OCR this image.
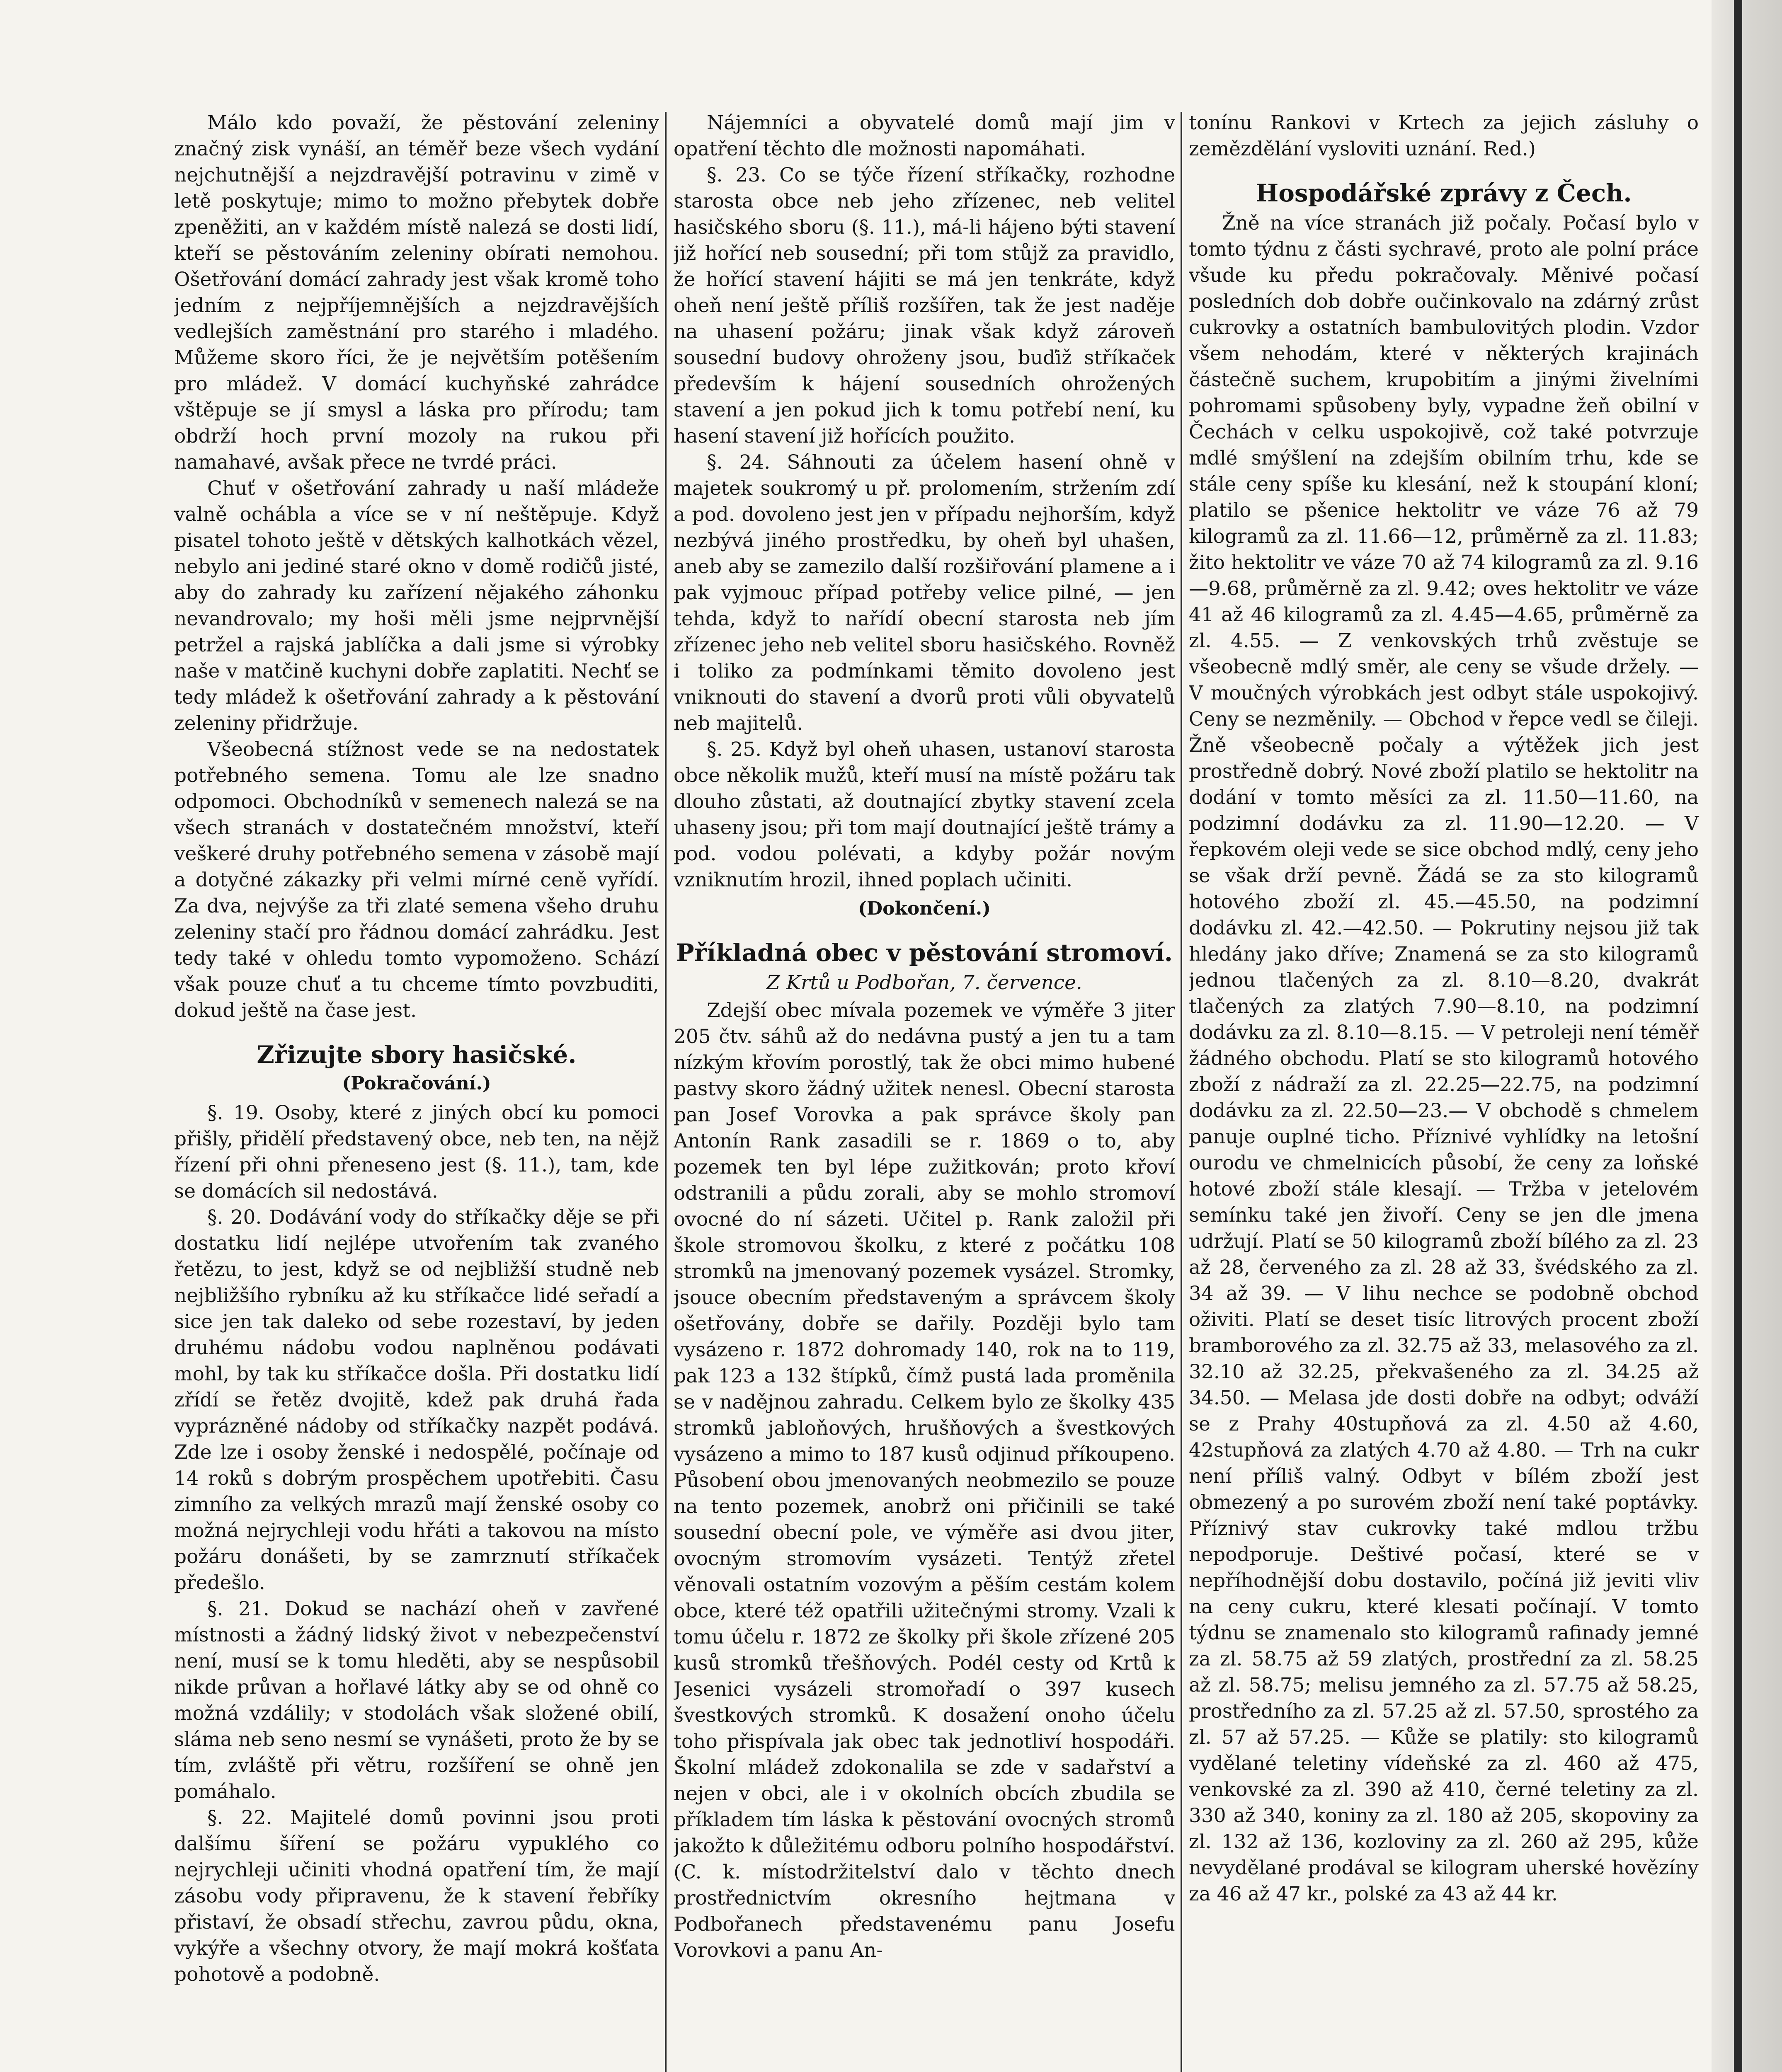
Málo kdo považí, že pěstování zeleniny značný zisk vynáší, an téměř beze všech vydání nejchutnější a nejzdravější potravinu v zimě v letě poskytuje; mimo to možno přebytek dobře zpeněžiti, an v každém místě nalezá se dosti lidí, kteří se pěstováním zeleniny obírati nemohou. Ošetřování domácí zahrady jest však kromě toho jedním z nejpříjemnějších a nejzdravějších vedlejších zaměstnání pro starého i mladého. Můžeme skoro říci, že je největším potěšením pro mládež. V domácí kuchyňské zahrádce vštěpuje se jí smysl a láska pro přírodu; tam obdrží hoch první mozoly na rukou při namahavé, avšak přece ne tvrdé práci.

Chuť v ošetřování zahrady u naší mládeže valně ochábla a více se v ní neštěpuje. Když pisatel tohoto ještě v dětských kalhotkách vězel, nebylo ani jediné staré okno v domě rodičů jisté, aby do zahrady ku zařízení nějakého záhonku nevandrovalo; my hoši měli jsme nejprvnější petržel a rajská jablíčka a dali jsme si výrobky naše v matčině kuchyni dobře zaplatiti. Nechť se tedy mládež k ošetřování zahrady a k pěstování zeleniny přidržuje.

Všeobecná stížnost vede se na nedostatek potřebného semena. Tomu ale lze snadno odpomoci. Obchodníků v semenech nalezá se na všech stranách v dostatečném množství, kteří veškeré druhy potřebného semena v zásobě mají a dotyčné zákazky při velmi mírné ceně vyřídí. Za dva, nejvýše za tři zlaté semena všeho druhu zeleniny stačí pro řádnou domácí zahrádku. Jest tedy také v ohledu tomto vypomoženo. Schází však pouze chuť a tu chceme tímto povzbuditi, dokud ještě na čase jest.

Zřizujte sbory hasičské.
(Pokračování.)

§. 19. Osoby, které z jiných obcí ku pomoci přišly, přidělí představený obce, neb ten, na nějž řízení při ohni přeneseno jest (§. 11.), tam, kde se domácích sil nedostává.

§. 20. Dodávání vody do stříkačky děje se při dostatku lidí nejlépe utvořením tak zvaného řetězu, to jest, když se od nejbližší studně neb nejbližšího rybníku až ku stříkačce lidé seřadí a sice jen tak daleko od sebe rozestaví, by jeden druhému nádobu vodou naplněnou podávati mohl, by tak ku stříkačce došla. Při dostatku lidí zřídí se řetěz dvojitě, kdež pak druhá řada vyprázněné nádoby od stříkačky nazpět podává. Zde lze i osoby ženské i nedospělé, počínaje od 14 roků s dobrým prospěchem upotřebiti. Času zimního za velkých mrazů mají ženské osoby co možná nejrychleji vodu hřáti a takovou na místo požáru donášeti, by se zamrznutí stříkaček předešlo.

§. 21. Dokud se nachází oheň v zavřené místnosti a žádný lidský život v nebezpečenství není, musí se k tomu hleděti, aby se nespůsobil nikde průvan a hořlavé látky aby se od ohně co možná vzdálily; v stodolách však složené obilí, sláma neb seno nesmí se vynášeti, proto že by se tím, zvláště při větru, rozšíření se ohně jen pomáhalo.

§. 22. Majitelé domů povinni jsou proti dalšímu šíření se požáru vypuklého co nejrychleji učiniti vhodná opatření tím, že mají zásobu vody připravenu, že k stavení řebříky přistaví, že obsadí střechu, zavrou půdu, okna, vykýře a všechny otvory, že mají mokrá košťata pohotově a podobně.

Nájemníci a obyvatelé domů mají jim v opatření těchto dle možnosti napomáhati.

§. 23. Co se týče řízení stříkačky, rozhodne starosta obce neb jeho zřízenec, neb velitel hasičského sboru (§. 11.), má-li hájeno býti stavení již hořící neb sousední; při tom stůjž za pravidlo, že hořící stavení hájiti se má jen tenkráte, když oheň není ještě příliš rozšířen, tak že jest naděje na uhasení požáru; jinak však když zároveň sousední budovy ohroženy jsou, buďiž stříkaček především k hájení sousedních ohrožených stavení a jen pokud jich k tomu potřebí není, ku hasení stavení již hořících použito.

§. 24. Sáhnouti za účelem hasení ohně v majetek soukromý u př. prolomením, stržením zdí a pod. dovoleno jest jen v případu nejhorším, když nezbývá jiného prostředku, by oheň byl uhašen, aneb aby se zamezilo další rozšiřování plamene a i pak vyjmouc případ potřeby velice pilné, — jen tehda, když to nařídí obecní starosta neb jím zřízenec jeho neb velitel sboru hasičského. Rovněž i toliko za podmínkami těmito dovoleno jest vniknouti do stavení a dvorů proti vůli obyvatelů neb majitelů.

§. 25. Když byl oheň uhasen, ustanoví starosta obce několik mužů, kteří musí na místě požáru tak dlouho zůstati, až doutnající zbytky stavení zcela uhaseny jsou; při tom mají doutnající ještě trámy a pod. vodou polévati, a kdyby požár novým vzniknutím hrozil, ihned poplach učiniti.

(Dokončení.)
Příkladná obec v pěstování stromoví.
Z Krtů u Podbořan, 7. července.

Zdejší obec mívala pozemek ve výměře 3 jiter 205 čtv. sáhů až do nedávna pustý a jen tu a tam nízkým křovím porostlý, tak že obci mimo hubené pastvy skoro žádný užitek nenesl. Obecní starosta pan Josef Vorovka a pak správce školy pan Antonín Rank zasadili se r. 1869 o to, aby pozemek ten byl lépe zužitkován; proto křoví odstranili a půdu zorali, aby se mohlo stromoví ovocné do ní sázeti. Učitel p. Rank založil při škole stromovou školku, z které z počátku 108 stromků na jmenovaný pozemek vysázel. Stromky, jsouce obecním představeným a správcem školy ošetřovány, dobře se dařily. Později bylo tam vysázeno r. 1872 dohromady 140, rok na to 119, pak 123 a 132 štípků, čímž pustá lada proměnila se v nadějnou zahradu. Celkem bylo ze školky 435 stromků jabloňových, hrušňových a švestkových vysázeno a mimo to 187 kusů odjinud příkoupeno. Působení obou jmenovaných neobmezilo se pouze na tento pozemek, anobrž oni přičinili se také sousední obecní pole, ve výměře asi dvou jiter, ovocným stromovím vysázeti. Tentýž zřetel věnovali ostatním vozovým a pěším cestám kolem obce, které též opatřili užitečnými stromy. Vzali k tomu účelu r. 1872 ze školky při škole zřízené 205 kusů stromků třešňových. Podél cesty od Krtů k Jesenici vysázeli stromořadí o 397 kusech švestkových stromků. K dosažení onoho účelu toho přispívala jak obec tak jednotliví hospodáři. Školní mládež zdokonalila se zde v sadařství a nejen v obci, ale i v okolních obcích zbudila se příkladem tím láska k pěstování ovocných stromů jakožto k důležitému odboru polního hospodářství. (C. k. místodržitelství dalo v těchto dnech prostřednictvím okresního hejtmana v Podbořanech představenému panu Josefu Vorovkovi a panu An-

tonínu Rankovi v Krtech za jejich zásluhy o zemězdělání vysloviti uznání. Red.)

Hospodářské zprávy z Čech.

Žně na více stranách již počaly. Počasí bylo v tomto týdnu z části sychravé, proto ale polní práce všude ku předu pokračovaly. Měnivé počasí posledních dob dobře oučinkovalo na zdárný zrůst cukrovky a ostatních bambulovitých plodin. Vzdor všem nehodám, které v některých krajinách částečně suchem, krupobitím a jinými živelními pohromami spůsobeny byly, vypadne žeň obilní v Čechách v celku uspokojivě, což také potvrzuje mdlé smýšlení na zdejším obilním trhu, kde se stále ceny spíše ku klesání, než k stoupání kloní; platilo se pšenice hektolitr ve váze 76 až 79 kilogramů za zl. 11.66—12, průměrně za zl. 11.83; žito hektolitr ve váze 70 až 74 kilogramů za zl. 9.16—9.68, průměrně za zl. 9.42; oves hektolitr ve váze 41 až 46 kilogramů za zl. 4.45—4.65, průměrně za zl. 4.55. — Z venkovských trhů zvěstuje se všeobecně mdlý směr, ale ceny se všude držely. — V moučných výrobkách jest odbyt stále uspokojivý. Ceny se nezměnily. — Obchod v řepce vedl se čileji. Žně všeobecně počaly a výtěžek jich jest prostředně dobrý. Nové zboží platilo se hektolitr na dodání v tomto měsíci za zl. 11.50—11.60, na podzimní dodávku za zl. 11.90—12.20. — V řepkovém oleji vede se sice obchod mdlý, ceny jeho se však drží pevně. Žádá se za sto kilogramů hotového zboží zl. 45.—45.50, na podzimní dodávku zl. 42.—42.50. — Pokrutiny nejsou již tak hledány jako dříve; Znamená se za sto kilogramů jednou tlačených za zl. 8.10—8.20, dvakrát tlačených za zlatých 7.90—8.10, na podzimní dodávku za zl. 8.10—8.15. — V petroleji není téměř žádného obchodu. Platí se sto kilogramů hotového zboží z nádraží za zl. 22.25—22.75, na podzimní dodávku za zl. 22.50—23.— V obchodě s chmelem panuje ouplné ticho. Příznivé vyhlídky na letošní ourodu ve chmelnicích působí, že ceny za loňské hotové zboží stále klesají. — Tržba v jetelovém semínku také jen živoří. Ceny se jen dle jmena udržují. Platí se 50 kilogramů zboží bílého za zl. 23 až 28, červeného za zl. 28 až 33, švédského za zl. 34 až 39. — V lihu nechce se podobně obchod oživiti. Platí se deset tisíc litrových procent zboží bramborového za zl. 32.75 až 33, melasového za zl. 32.10 až 32.25, překvašeného za zl. 34.25 až 34.50. — Melasa jde dosti dobře na odbyt; odváží se z Prahy 40stupňová za zl. 4.50 až 4.60, 42stupňová za zlatých 4.70 až 4.80. — Trh na cukr není příliš valný. Odbyt v bílém zboží jest obmezený a po surovém zboží není také poptávky. Příznivý stav cukrovky také mdlou tržbu nepodporuje. Deštivé počasí, které se v nepříhodnější dobu dostavilo, počíná již jeviti vliv na ceny cukru, které klesati počínají. V tomto týdnu se znamenalo sto kilogramů rafinady jemné za zl. 58.75 až 59 zlatých, prostřední za zl. 58.25 až zl. 58.75; melisu jemného za zl. 57.75 až 58.25, prostředního za zl. 57.25 až zl. 57.50, sprostého za zl. 57 až 57.25. — Kůže se platily: sto kilogramů vydělané teletiny vídeňské za zl. 460 až 475, venkovské za zl. 390 až 410, černé teletiny za zl. 330 až 340, koniny za zl. 180 až 205, skopoviny za zl. 132 až 136, kozloviny za zl. 260 až 295, kůže nevydělané prodával se kilogram uherské hovězíny za 46 až 47 kr., polské za 43 až 44 kr.
